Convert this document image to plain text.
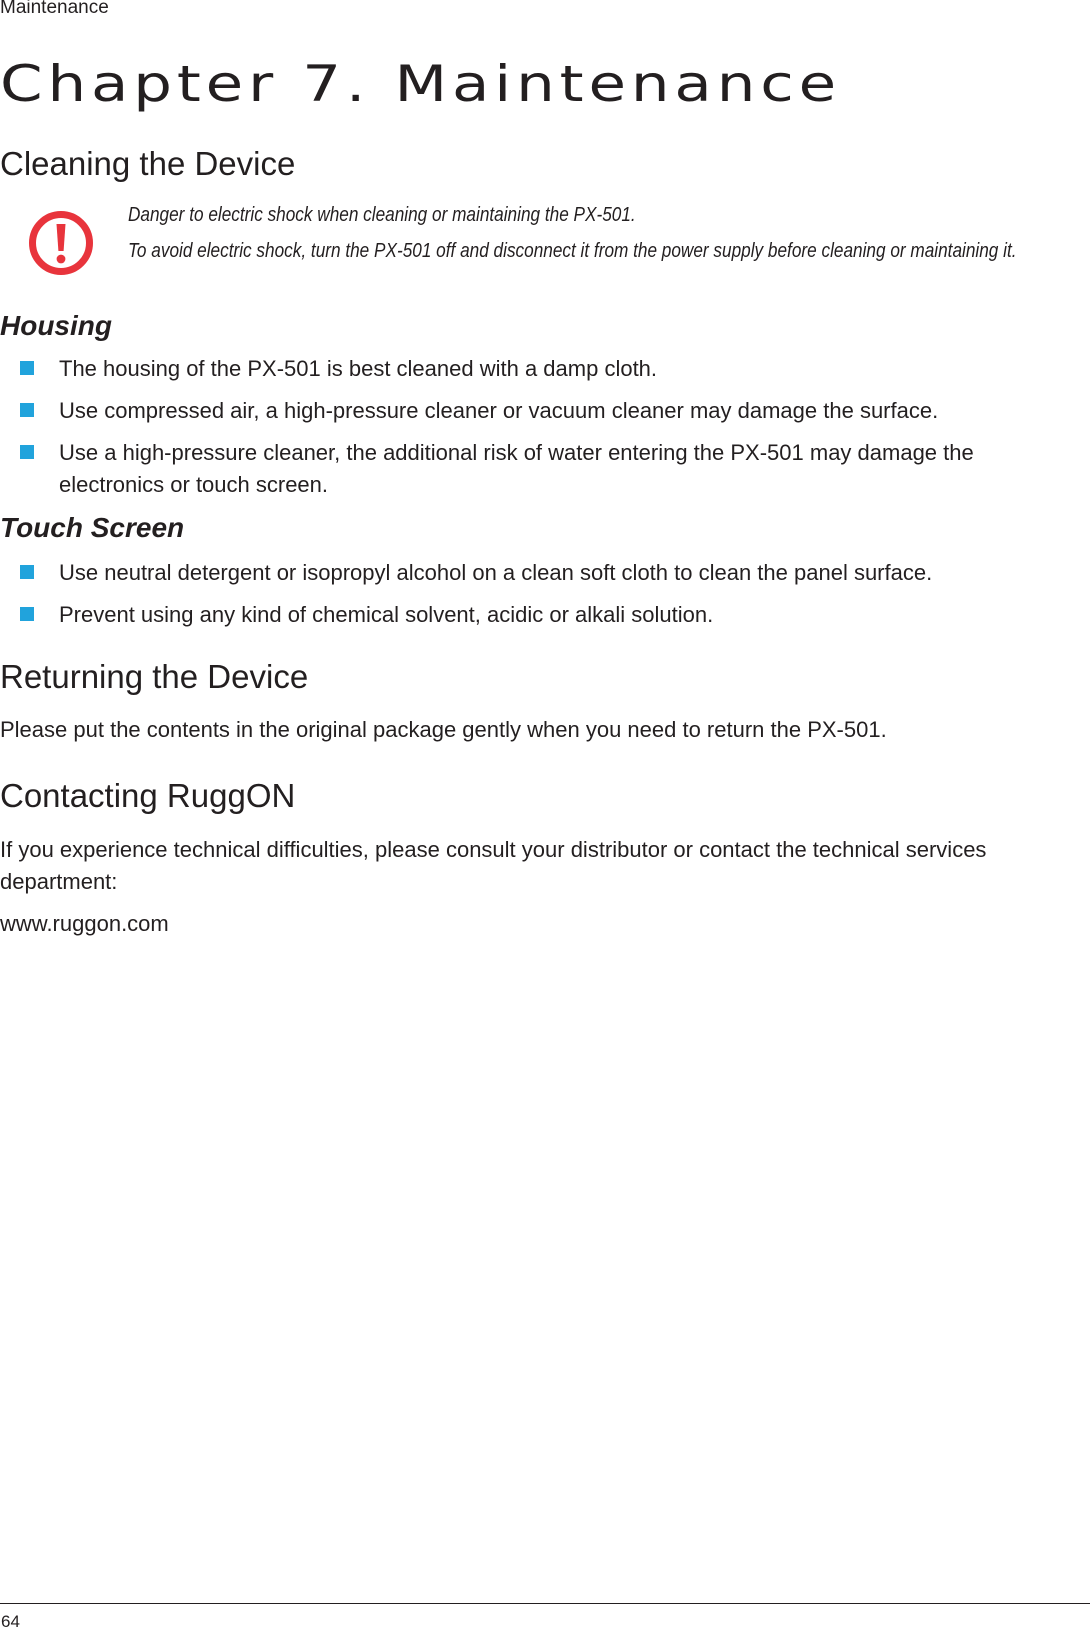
Maintenance

Chapter 7. Maintenance
Cleaning the Device

Danger to electric shock when cleaning or maintaining the PX-501.

To avoid electric shock, turn the PX-501 off and disconnect it from the power supply before cleaning or maintaining it.

Housing
The housing of the PX-501 is best cleaned with a damp cloth.
Use compressed air, a high-pressure cleaner or vacuum cleaner may damage the surface.
Use a high-pressure cleaner, the additional risk of water entering the PX-501 may damage the electronics or touch screen.
Touch Screen
Use neutral detergent or isopropyl alcohol on a clean soft cloth to clean the panel surface.
Prevent using any kind of chemical solvent, acidic or alkali solution.
Returning the Device

Please put the contents in the original package gently when you need to return the PX-501.

Contacting RuggON

If you experience technical difficulties, please consult your distributor or contact the technical services department:

www.ruggon.com

64
